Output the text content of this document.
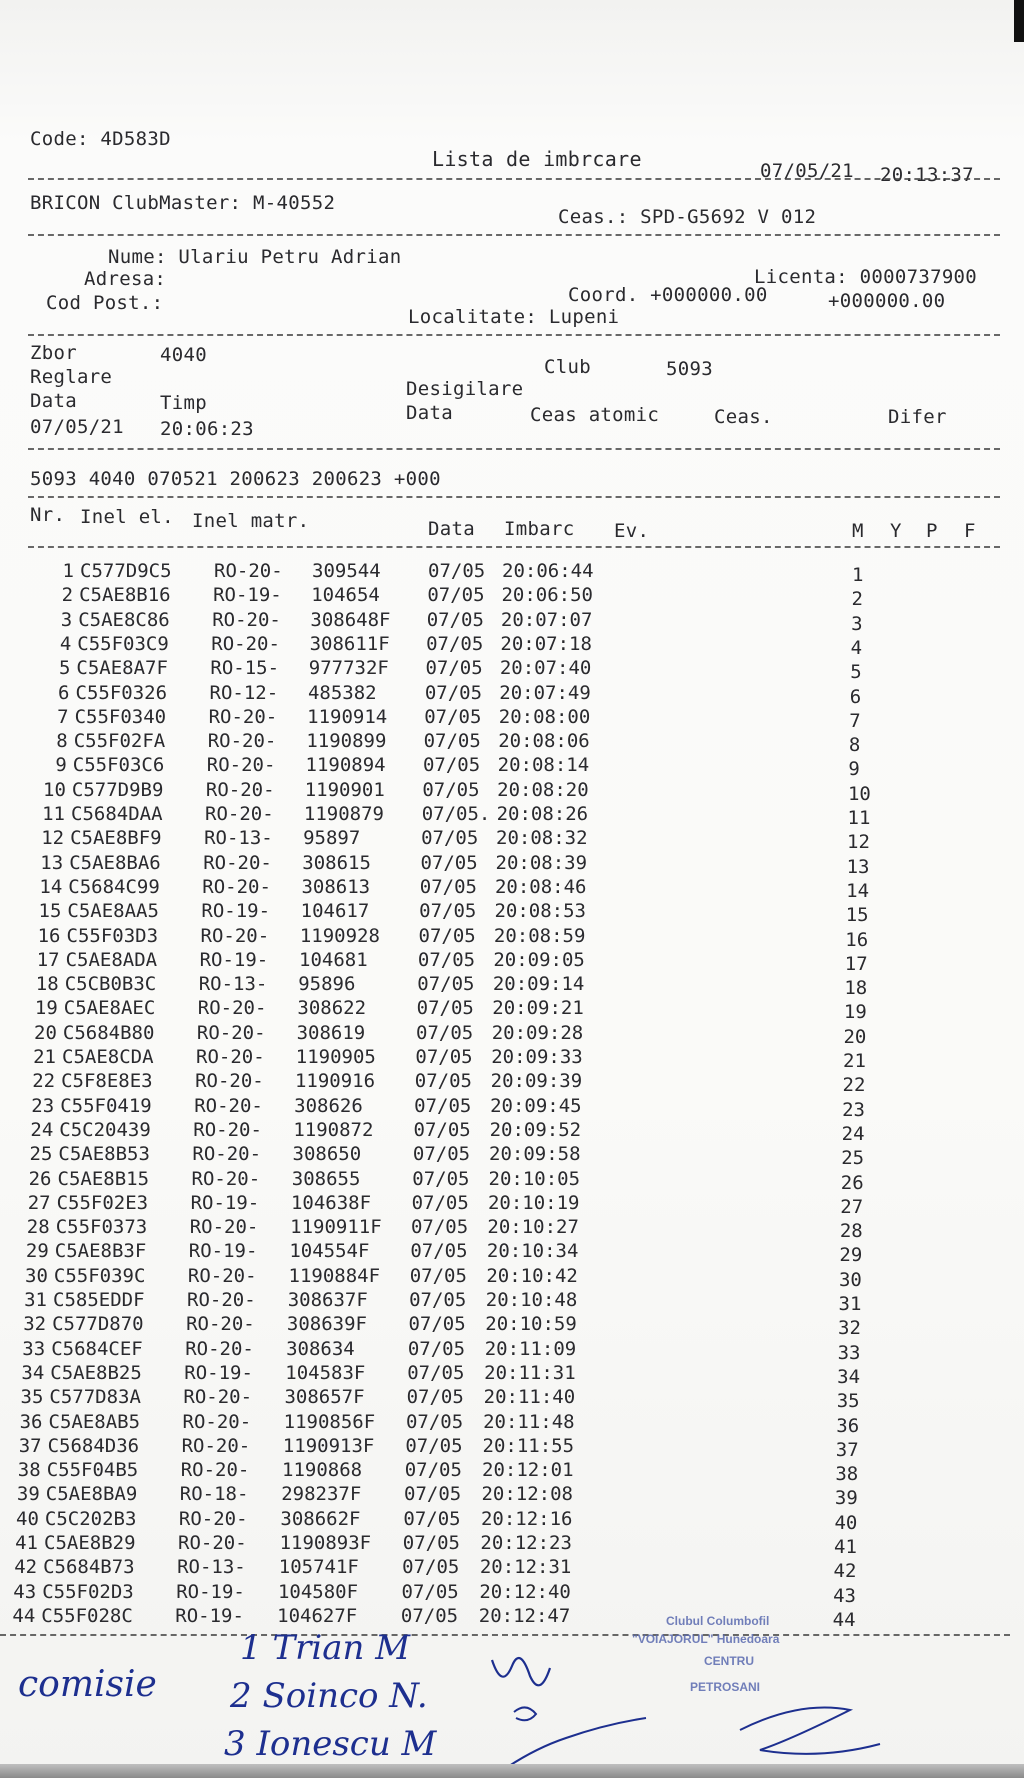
Code: 4D583D
Lista de imbrcare	07/05/21 20:13:37
BRICON ClubMaster: M-40552
Ceas.: SPD-G5692 V 012
Nume: Ulariu Petru Adrian
Adresa:	Licenta: 0000737900
Cod Post.:	Coord. +000000.00	+000000.00
Localitate: Lupeni
Zbor	4040
Club	5093
Reglare
Desigilare
Data	Timp	Data	Ceas atomic	Ceas.	Difer
07/05/21 20:06:23
5093 4040 070521 200623 200623 +000
Nr. Inel el. Inel matr.	Data Imbarc Ev.	M Y P F
1 C577D9C5 RO-20- 309544 07/05 20:06:44	1
2 C5AE8B16 RO-19- 104654	07/05 20:06:50	2
3 C5AE8C86 RO-20- 308648F 07/05 20:07:07	3
4 C55F03C9 RO-20- 308611F 07/05 20:07:18	4
5 C5AE8A7F RO-15- 977732F 07/05 20:07:40	5
6 C55F0326 RO-12- 485382	07/05 20:07:49	6
7 C55F0340 RO-20- 1190914 07/05 20:08:00	7
8 C55F02FA RO-20- 1190899 07/05 20:08:06	8
9 C55F03C6 RO-20- 1190894 07/05 20:08:14	9
10 C577D9B9 RO-20- 1190901 07/05 20:08:20	10
11 C5684DAA RO-20- 1190879 07/05. 20:08:26	11
12 C5AE8BF9 RO-13- 95897	07/05 20:08:32	12
13 C5AE8BA6 RO-20- 308615	07/05 20:08:39	13
14 C5684C99 RO-20- 308613	07/05 20:08:46	14
15 C5AE8AA5 RO-19- 104617	07/05 20:08:53	15
16 C55F03D3 RO-20- 1190928 07/05 20:08:59	16
17 C5AE8ADA RO-19- 104681	07/05 20:09:05	17
18 C5CB0B3C RO-13- 95896	07/05 20:09:14	18
19 C5AE8AEC RO-20- 308622	07/05 20:09:21	19
20 C5684B80 RO-20- 308619	07/05 20:09:28	20
21 C5AE8CDA RO-20- 1190905 07/05 20:09:33	21
22 C5F8E8E3 RO-20- 1190916 07/05 20:09:39	22
23 C55F0419 RO-20- 308626	07/05 20:09:45	23
24 C5C20439 RO-20- 1190872 07/05 20:09:52	24
25 C5AE8B53 RO-20- 308650	07/05 20:09:58	25
26 C5AE8B15 RO-20- 308655	07/05 20:10:05	26
27 C55F02E3 RO-19- 104638F 07/05 20:10:19	27
28 C55F0373 RO-20- 1190911F 07/05 20:10:27	28
29 C5AE8B3F RO-19- 104554F 07/05 20:10:34	29
30 C55F039C RO-20- 1190884F 07/05 20:10:42	30
31 C585EDDF RO-20- 308637F 07/05 20:10:48	31
32 C577D870 RO-20- 308639F 07/05 20:10:59	32
33 C5684CEF RO-20- 308634	07/05 20:11:09	33
34 C5AE8B25 RO-19- 104583F 07/05 20:11:31	34
35 C577D83A RO-20- 308657F 07/05 20:11:40	35
36 C5AE8AB5 RO-20- 1190856F 07/05 20:11:48	36
37 C5684D36 RO-20- 1190913F 07/05 20:11:55	37
38 C55F04B5 RO-20- 1190868 07/05 20:12:01	38
39 C5AE8BA9 RO-18- 298237F 07/05 20:12:08	39
40 C5C202B3 RO-20- 308662F 07/05 20:12:16	40
41 C5AE8B29 RO-20- 1190893F 07/05 20:12:23	41
42 C5684B73 RO-13- 105741F 07/05 20:12:31	42
43 C55F02D3 RO-19- 104580F 07/05 20:12:40	43
44 C55F028C RO-19- 104627F 07/05 20:12:47	44
comisie
1 Trian M
2 Soinco N.
3 Ionescu M
Clubul Columbofil
"VOIAJORUL" Hunedoara
CENTRU
PETROSANI
